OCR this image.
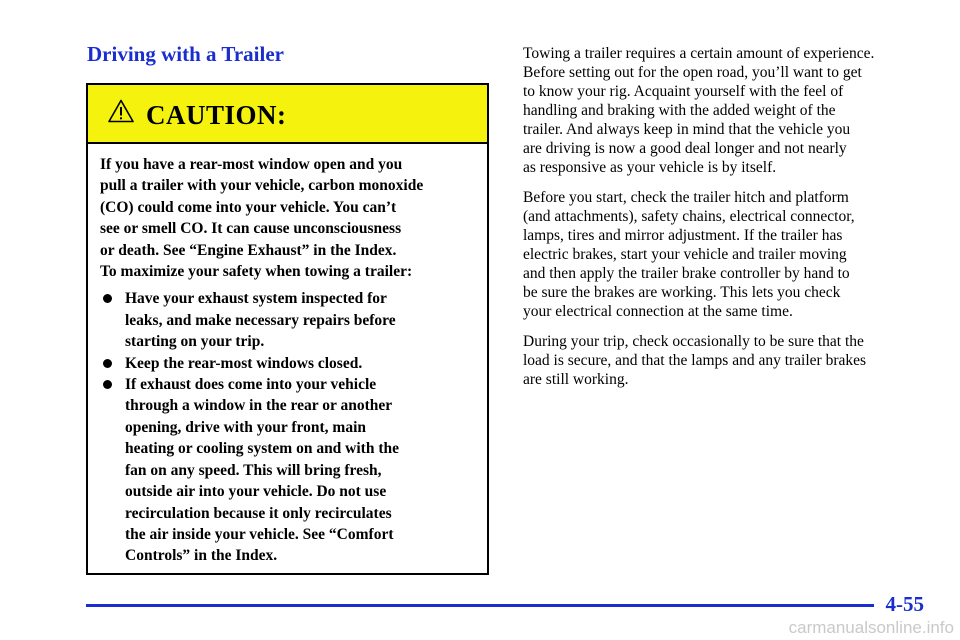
Driving with a Trailer
CAUTION:

If you have a rear-most window open and you
pull a trailer with your vehicle, carbon monoxide
(CO) could come into your vehicle. You can’t
see or smell CO. It can cause unconsciousness
or death. See “Engine Exhaust” in the Index.
To maximize your safety when towing a trailer:

Have your exhaust system inspected for
leaks, and make necessary repairs before
starting on your trip.
Keep the rear-most windows closed.
If exhaust does come into your vehicle
through a window in the rear or another
opening, drive with your front, main
heating or cooling system on and with the
fan on any speed. This will bring fresh,
outside air into your vehicle. Do not use
recirculation because it only recirculates
the air inside your vehicle. See “Comfort
Controls” in the Index.

Towing a trailer requires a certain amount of experience.
Before setting out for the open road, you’ll want to get
to know your rig. Acquaint yourself with the feel of
handling and braking with the added weight of the
trailer. And always keep in mind that the vehicle you
are driving is now a good deal longer and not nearly
as responsive as your vehicle is by itself.

Before you start, check the trailer hitch and platform
(and attachments), safety chains, electrical connector,
lamps, tires and mirror adjustment. If the trailer has
electric brakes, start your vehicle and trailer moving
and then apply the trailer brake controller by hand to
be sure the brakes are working. This lets you check
your electrical connection at the same time.

During your trip, check occasionally to be sure that the
load is secure, and that the lamps and any trailer brakes
are still working.

4-55
carmanualsonline.info
